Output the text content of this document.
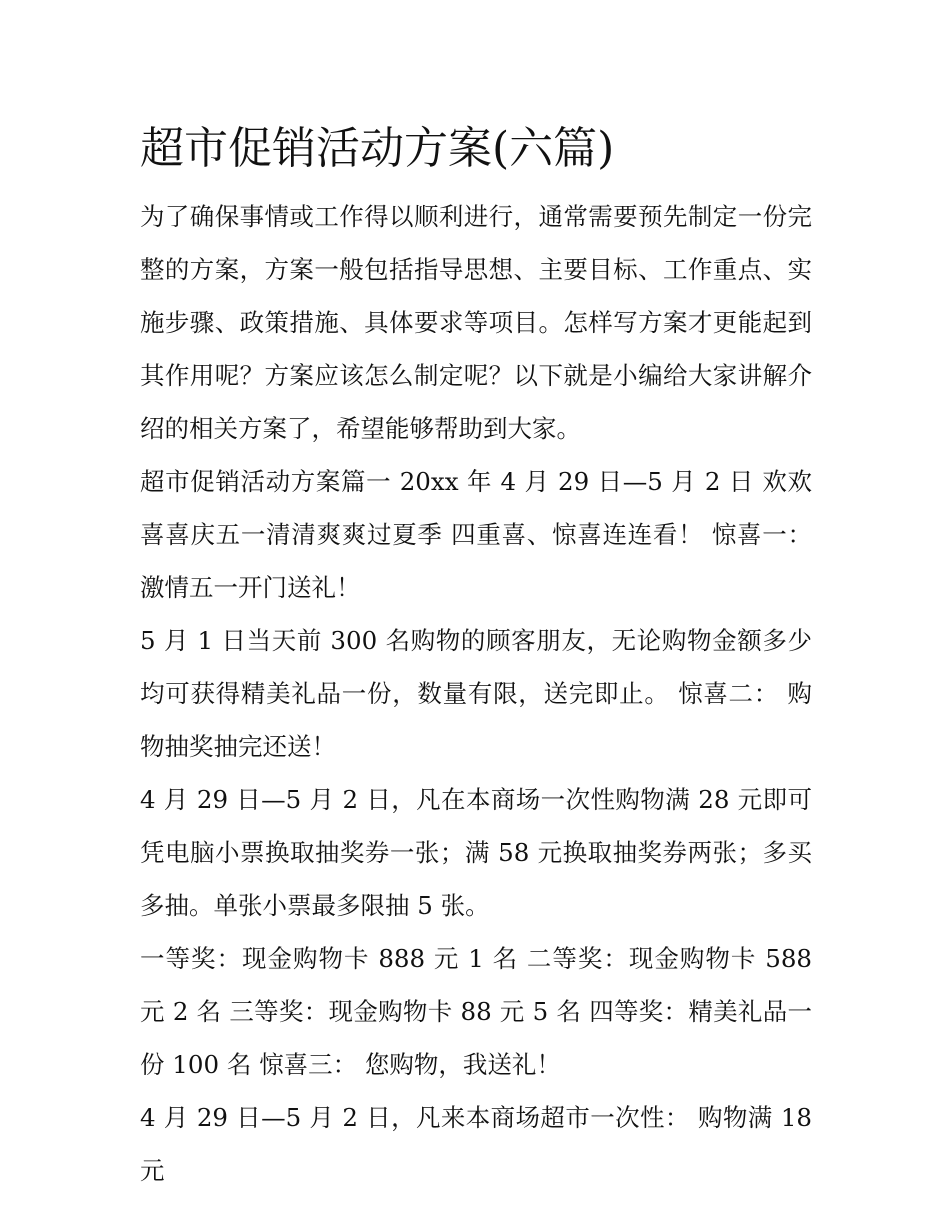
超市促销活动方案(六篇)

为了确保事情或工作得以顺利进行，通常需要预先制定一份完整的方案，方案一般包括指导思想、主要目标、工作重点、实施步骤、政策措施、具体要求等项目。怎样写方案才更能起到其作用呢？方案应该怎么制定呢？以下就是小编给大家讲解介绍的相关方案了，希望能够帮助到大家。

超市促销活动方案篇一 20xx 年 4 月 29 日—5 月 2 日 欢欢喜喜庆五一清清爽爽过夏季 四重喜、惊喜连连看！ 惊喜一： 激情五一开门送礼！

5 月 1 日当天前 300 名购物的顾客朋友，无论购物金额多少均可获得精美礼品一份，数量有限，送完即止。 惊喜二： 购物抽奖抽完还送！

4 月 29 日—5 月 2 日，凡在本商场一次性购物满 28 元即可凭电脑小票换取抽奖券一张；满 58 元换取抽奖券两张；多买多抽。单张小票最多限抽 5 张。

一等奖：现金购物卡 888 元 1 名 二等奖：现金购物卡 588 元 2 名 三等奖：现金购物卡 88 元 5 名 四等奖：精美礼品一份 100 名 惊喜三： 您购物，我送礼！

4 月 29 日—5 月 2 日，凡来本商场超市一次性： 购物满 18 元
